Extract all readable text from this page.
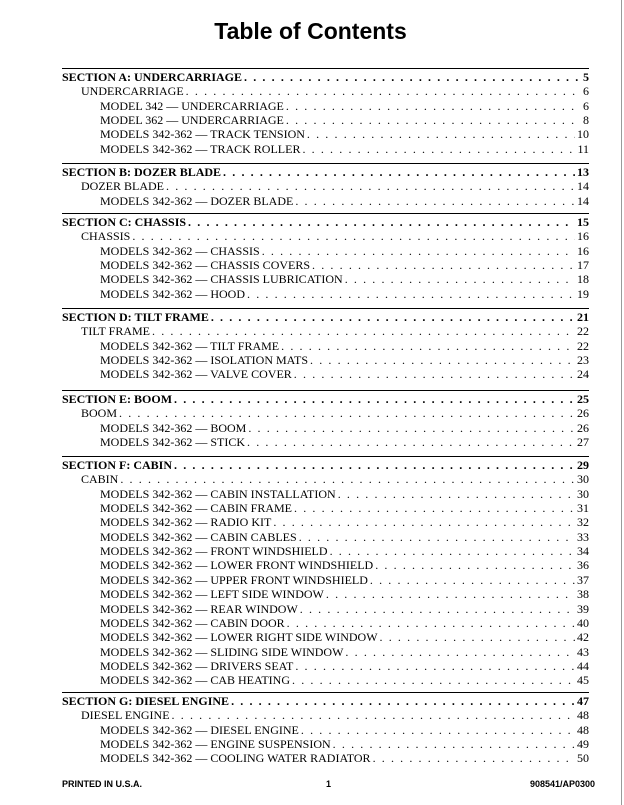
Table of Contents
SECTION A: UNDERCARRIAGE . . .	5
UNDERCARRIAGE . . .	6
MODEL 342 — UNDERCARRIAGE . . .	6
MODEL 362 — UNDERCARRIAGE . . .	8
MODELS 342-362 — TRACK TENSION . . .	10
MODELS 342-362 — TRACK ROLLER . . .	11
SECTION B: DOZER BLADE . . .	13
DOZER BLADE . . .	14
MODELS 342-362 — DOZER BLADE . . .	14
SECTION C: CHASSIS . . .	15
CHASSIS . . .	16
MODELS 342-362 — CHASSIS . . .	16
MODELS 342-362 — CHASSIS COVERS . . .	17
MODELS 342-362 — CHASSIS LUBRICATION . . .	18
MODELS 342-362 — HOOD . . .	19
SECTION D: TILT FRAME . . .	21
TILT FRAME . . .	22
MODELS 342-362 — TILT FRAME . . .	22
MODELS 342-362 — ISOLATION MATS . . .	23
MODELS 342-362 — VALVE COVER . . .	24
SECTION E: BOOM . . .	25
BOOM . . .	26
MODELS 342-362 — BOOM . . .	26
MODELS 342-362 — STICK . . .	27
SECTION F: CABIN . . .	29
CABIN . . .	30
MODELS 342-362 — CABIN INSTALLATION . . .	30
MODELS 342-362 — CABIN FRAME . . .	31
MODELS 342-362 — RADIO KIT . . .	32
MODELS 342-362 — CABIN CABLES . . .	33
MODELS 342-362 — FRONT WINDSHIELD . . .	34
MODELS 342-362 — LOWER FRONT WINDSHIELD . . .	36
MODELS 342-362 — UPPER FRONT WINDSHIELD . . .	37
MODELS 342-362 — LEFT SIDE WINDOW . . .	38
MODELS 342-362 — REAR WINDOW . . .	39
MODELS 342-362 — CABIN DOOR . . .	40
MODELS 342-362 — LOWER RIGHT SIDE WINDOW . . .	42
MODELS 342-362 — SLIDING SIDE WINDOW . . .	43
MODELS 342-362 — DRIVERS SEAT . . .	44
MODELS 342-362 — CAB HEATING . . .	45
SECTION G: DIESEL ENGINE . . .	47
DIESEL ENGINE . . .	48
MODELS 342-362 — DIESEL ENGINE . . .	48
MODELS 342-362 — ENGINE SUSPENSION . . .	49
MODELS 342-362 — COOLING WATER RADIATOR . . .	50
PRINTED IN U.S.A.	1	908541/AP0300
